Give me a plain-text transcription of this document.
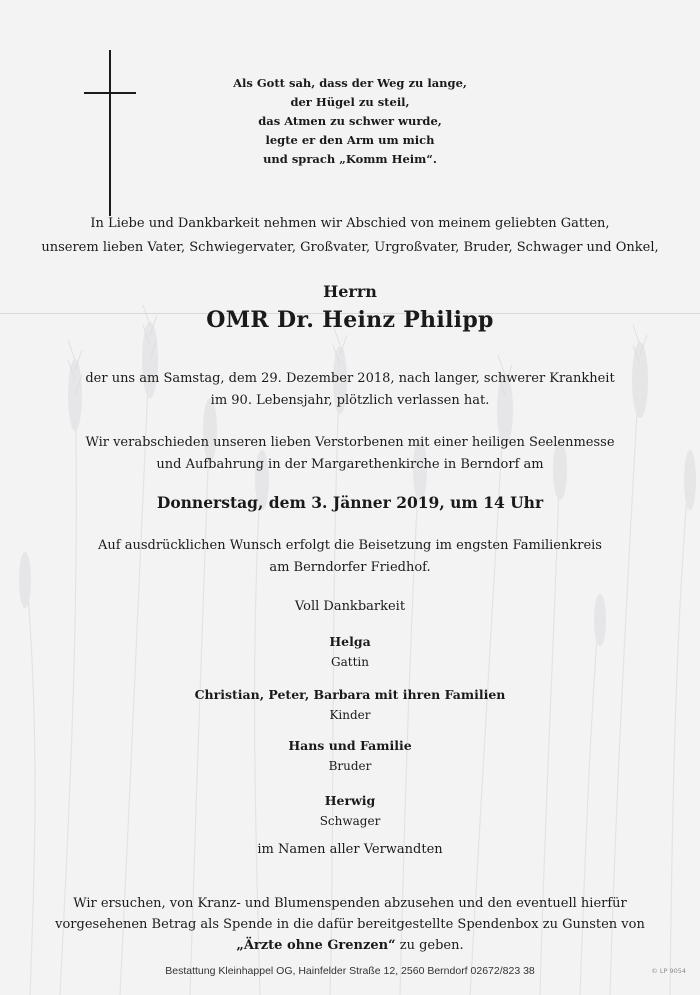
Als Gott sah, dass der Weg zu lange,
der Hügel zu steil,
das Atmen zu schwer wurde,
legte er den Arm um mich
und sprach „Komm Heim“.
In Liebe und Dankbarkeit nehmen wir Abschied von meinem geliebten Gatten,
unserem lieben Vater, Schwiegervater, Großvater, Urgroßvater, Bruder, Schwager und Onkel,
Herrn
OMR Dr. Heinz Philipp
der uns am Samstag, dem 29. Dezember 2018, nach langer, schwerer Krankheit
im 90. Lebensjahr, plötzlich verlassen hat.
Wir verabschieden unseren lieben Verstorbenen mit einer heiligen Seelenmesse
und Aufbahrung in der Margarethenkirche in Berndorf am
Donnerstag, dem 3. Jänner 2019, um 14 Uhr
Auf ausdrücklichen Wunsch erfolgt die Beisetzung im engsten Familienkreis
am Berndorfer Friedhof.
Voll Dankbarkeit
Helga
Gattin
Christian, Peter, Barbara mit ihren Familien
Kinder
Hans und Familie
Bruder
Herwig
Schwager
im Namen aller Verwandten
Wir ersuchen, von Kranz- und Blumenspenden abzusehen und den eventuell hierfür
vorgesehenen Betrag als Spende in die dafür bereitgestellte Spendenbox zu Gunsten von
„Ärzte ohne Grenzen“ zu geben.
Bestattung Kleinhappel OG, Hainfelder Straße 12, 2560 Berndorf 02672/823 38	© LP 9054
